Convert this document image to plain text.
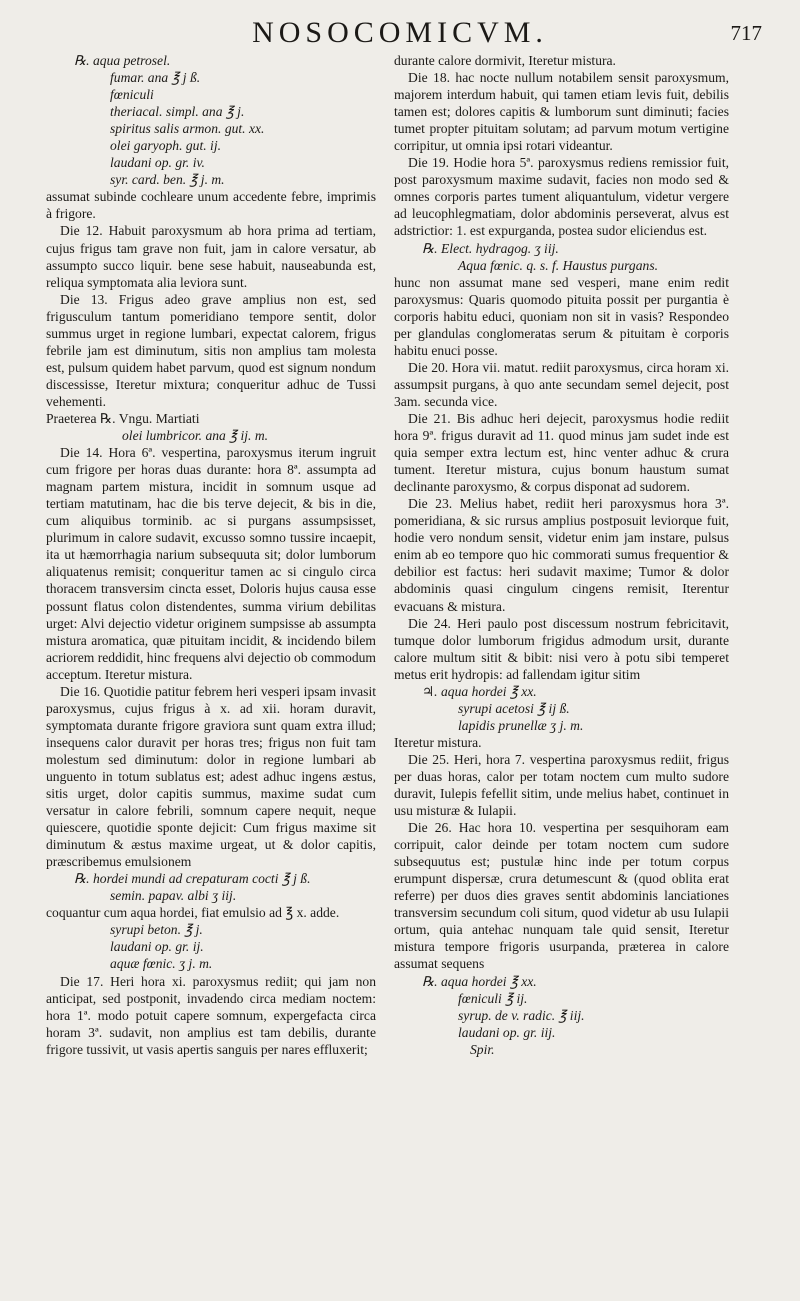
NOSOCOMICVM.	717

℞. aqua petrosel.

fumar. ana ℥ j ß.

fœniculi

theriacal. simpl. ana ℥ j.

spiritus salis armon. gut. xx.

olei garyoph. gut. ij.

laudani op. gr. iv.

syr. card. ben. ℥ j. m.

assumat subinde cochleare unum accedente febre, imprimis à frigore.

Die 12. Habuit paroxysmum ab hora prima ad tertiam, cujus frigus tam grave non fuit, jam in calore versatur, ab assumpto succo liquir. bene sese habuit, nauseabunda est, reliqua symptomata alia leviora sunt.

Die 13. Frigus adeo grave amplius non est, sed frigusculum tantum pomeridiano tempore sentit, dolor summus urget in regione lumbari, expectat calorem, frigus febrile jam est diminutum, sitis non amplius tam molesta est, pulsum quidem habet parvum, quod est signum nondum discessisse, Iteretur mixtura; conqueritur adhuc de Tussi vehementi.

Praeterea ℞. Vngu. Martiati

olei lumbricor. ana ℥ ij. m.

Die 14. Hora 6ª. vespertina, paroxysmus iterum ingruit cum frigore per horas duas durante: hora 8ª. assumpta ad magnam partem mistura, incidit in somnum usque ad tertiam matutinam, hac die bis terve dejecit, & bis in die, cum aliquibus torminib. ac si purgans assumpsisset, plurimum in calore sudavit, excusso somno tussire incaepit, ita ut hæmorrhagia narium subsequuta sit; dolor lumborum aliquatenus remisit; conqueritur tamen ac si cingulo circa thoracem transversim cincta esset, Doloris hujus causa esse possunt flatus colon distendentes, summa virium debilitas urget: Alvi dejectio videtur originem sumpsisse ab assumpta mistura aromatica, quæ pituitam incidit, & incidendo bilem acriorem reddidit, hinc frequens alvi dejectio ob commodum acceptum. Iteretur mistura.

Die 16. Quotidie patitur febrem heri vesperi ipsam invasit paroxysmus, cujus frigus à x. ad xii. horam duravit, symptomata durante frigore graviora sunt quam extra illud; insequens calor duravit per horas tres; frigus non fuit tam molestum sed diminutum: dolor in regione lumbari ab unguento in totum sublatus est; adest adhuc ingens æstus, sitis urget, dolor capitis summus, maxime sudat cum versatur in calore febrili, somnum capere nequit, neque quiescere, quotidie sponte dejicit: Cum frigus maxime sit diminutum & æstus maxime urgeat, ut & dolor capitis, præscribemus emulsionem

℞. hordei mundi ad crepaturam cocti ℥ j ß.

semin. papav. albi ʒ iij.

coquantur cum aqua hordei, fiat emulsio ad ℥ x. adde.

syrupi beton. ℥ j.

laudani op. gr. ij.

aquæ fœnic. ʒ j. m.

Die 17. Heri hora xi. paroxysmus rediit; qui jam non anticipat, sed postponit, invadendo circa mediam noctem: hora 1ª. modo potuit capere somnum, expergefacta circa horam 3ª. sudavit, non amplius est tam debilis, durante frigore tussivit, ut vasis apertis sanguis per nares effluxerit;

durante calore dormivit, Iteretur mistura.

Die 18. hac nocte nullum notabilem sensit paroxysmum, majorem interdum habuit, qui tamen etiam levis fuit, debilis tamen est; dolores capitis & lumborum sunt diminuti; facies tumet propter pituitam solutam; ad parvum motum vertigine corripitur, ut omnia ipsi rotari videantur.

Die 19. Hodie hora 5ª. paroxysmus rediens remissior fuit, post paroxysmum maxime sudavit, facies non modo sed & omnes corporis partes tument aliquantulum, videtur vergere ad leucophlegmatiam, dolor abdominis perseverat, alvus est adstrictior: 1. est expurganda, postea sudor eliciendus est.

℞. Elect. hydragog. ʒ iij.

Aqua fœnic. q. s. f. Haustus purgans.

hunc non assumat mane sed vesperi, mane enim redit paroxysmus: Quaris quomodo pituita possit per purgantia è corporis habitu educi, quoniam non sit in vasis? Respondeo per glandulas conglomeratas serum & pituitam è corporis habitu enuci posse.

Die 20. Hora vii. matut. rediit paroxysmus, circa horam xi. assumpsit purgans, à quo ante secundam semel dejecit, post 3am. secunda vice.

Die 21. Bis adhuc heri dejecit, paroxysmus hodie rediit hora 9ª. frigus duravit ad 11. quod minus jam sudet inde est quia semper extra lectum est, hinc venter adhuc & crura tument. Iteretur mistura, cujus bonum haustum sumat declinante paroxysmo, & corpus disponat ad sudorem.

Die 23. Melius habet, rediit heri paroxysmus hora 3ª. pomeridiana, & sic rursus amplius postposuit leviorque fuit, hodie vero nondum sensit, videtur enim jam instare, pulsus enim ab eo tempore quo hic commorati sumus frequentior & debilior est factus: heri sudavit maxime; Tumor & dolor abdominis quasi cingulum cingens remisit, Iterentur evacuans & mistura.

Die 24. Heri paulo post discessum nostrum febricitavit, tumque dolor lumborum frigidus admodum ursit, durante calore multum sitit & bibit: nisi vero à potu sibi temperet metus erit hydropis: ad fallendam igitur sitim

♃. aqua hordei ℥ xx.

syrupi acetosi ℥ ij ß.

lapidis prunellæ ʒ j. m.

Iteretur mistura.

Die 25. Heri, hora 7. vespertina paroxysmus rediit, frigus per duas horas, calor per totam noctem cum multo sudore duravit, Iulepis fefellit sitim, unde melius habet, continuet in usu misturæ & Iulapii.

Die 26. Hac hora 10. vespertina per sesquihoram eam corripuit, calor deinde per totam noctem cum sudore subsequutus est; pustulæ hinc inde per totum corpus erumpunt dispersæ, crura detumescunt & (quod oblita erat referre) per duos dies graves sentit abdominis lanciationes transversim secundum coli situm, quod videtur ab usu Iulapii ortum, quia antehac nunquam tale quid sensit, Iteretur mistura tempore frigoris usurpanda, præterea in calore assumat sequens

℞. aqua hordei ℥ xx.

fœniculi ℥ ij.

syrup. de v. radic. ℥ iij.

laudani op. gr. iij.

Spir.
